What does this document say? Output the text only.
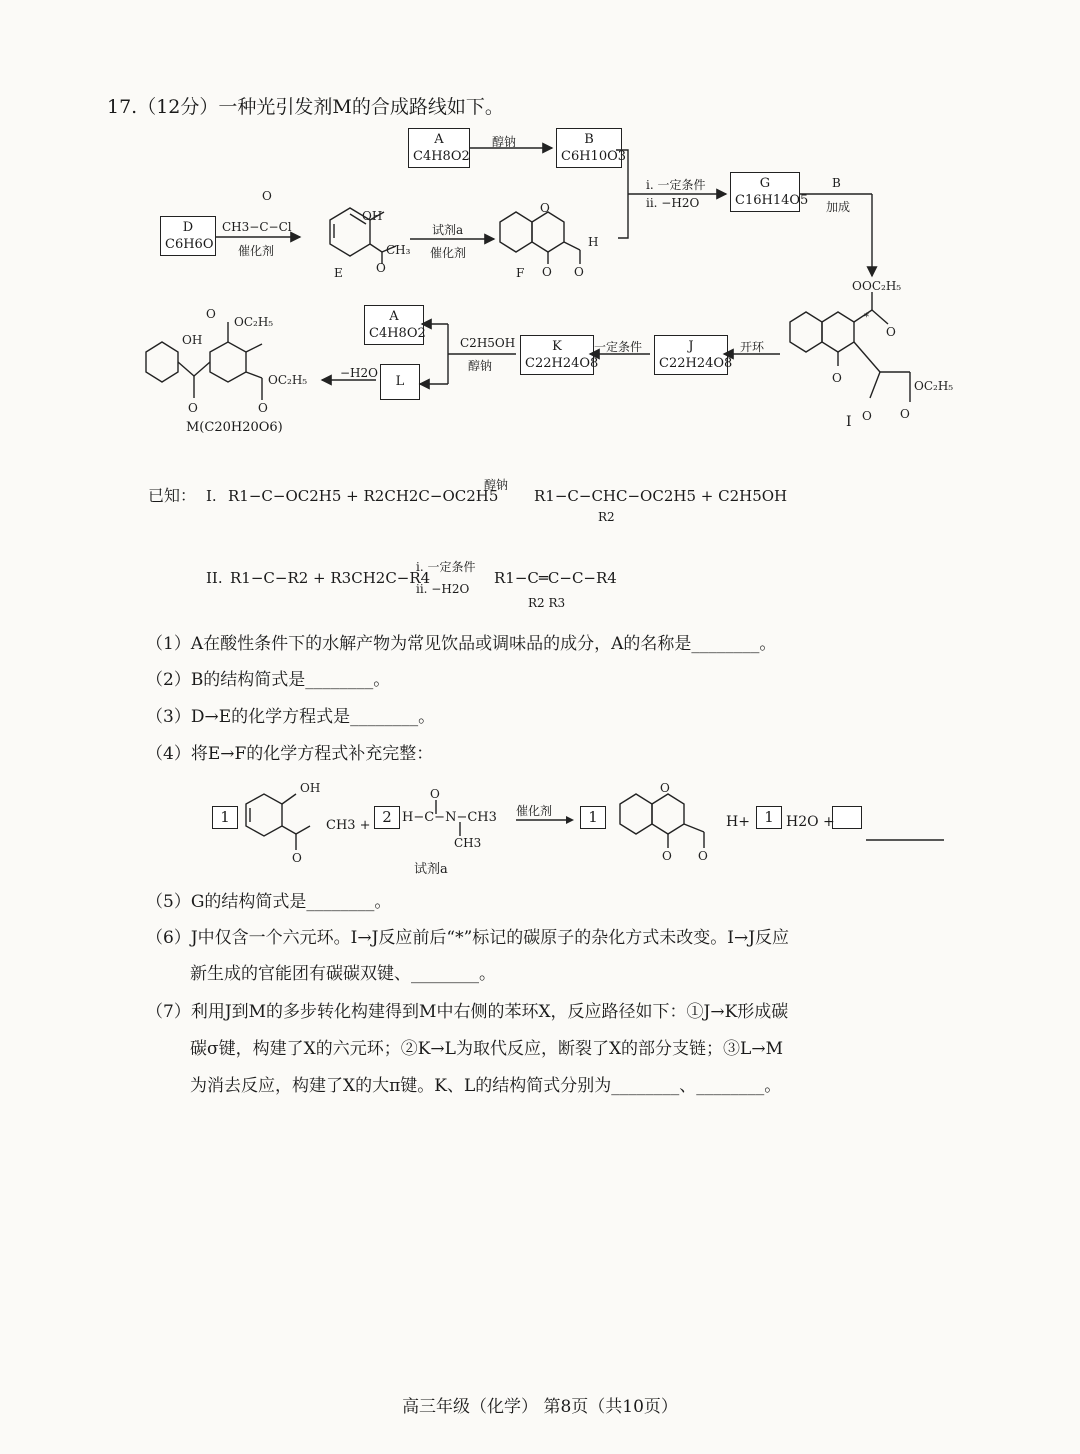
17.（12分）一种光引发剂M的合成路线如下。
A
C4H8O2
B
C6H10O3
G
C16H14O5
D
C6H6O
A
C4H8O2
K
C22H24O8
J
C22H24O8
L
醇钠
i. 一定条件
ii. −H2O
B
加成
CH3−C−Cl
催化剂
E
试剂a
催化剂
F
开环
一定条件
C2H5OH
醇钠
−H2O
M(C20H20O6)	I
OH
CH₃
O	O O
H
O
O
O OC₂H₅
O
*
O
O O
OC₂H₅
O
OC₂H₅
OH
O	O
OC₂H₅
已知： I. R1−C−OC2H5 + R2CH2C−OC2H5
醇钠
R1−C−CHC−OC2H5 + C2H5OH
R2
II. R1−C−R2 + R3CH2C−R4
i. 一定条件
ii. −H2O
R1−C═C−C−R4
R2 R3
（1）A在酸性条件下的水解产物为常见饮品或调味品的成分，A的名称是________。
（2）B的结构简式是________。
（3）D→E的化学方程式是________。
（4）将E→F的化学方程式补充完整：
1	2	1	1
CH3 +
H−C−N−CH3
CH3
试剂a
催化剂
H+	H2O +
OH
O
O	O
O O
（5）G的结构简式是________。
（6）J中仅含一个六元环。I→J反应前后“*”标记的碳原子的杂化方式未改变。I→J反应
新生成的官能团有碳碳双键、________。
（7）利用J到M的多步转化构建得到M中右侧的苯环X，反应路径如下：①J→K形成碳
碳σ键，构建了X的六元环；②K→L为取代反应，断裂了X的部分支链；③L→M
为消去反应，构建了X的大π键。K、L的结构简式分别为________、________。
高三年级（化学） 第8页（共10页）
